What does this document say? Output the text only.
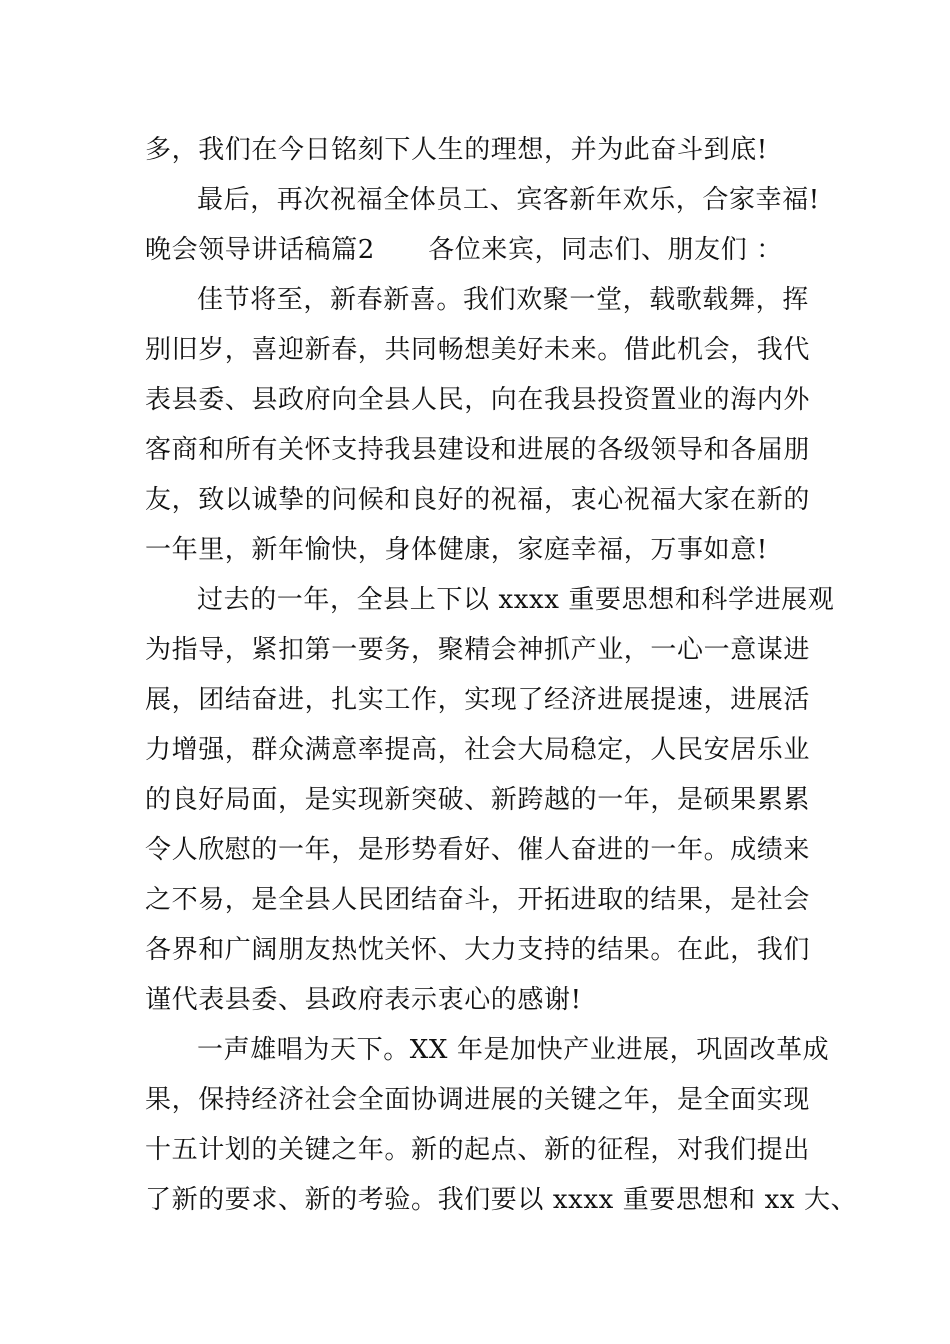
多，我们在今日铭刻下人生的理想，并为此奋斗到底!
最后，再次祝福全体员工、宾客新年欢乐，合家幸福!
晚会领导讲话稿篇2　　各位来宾，同志们、朋友们 ：
佳节将至，新春新喜。我们欢聚一堂，载歌载舞，挥
别旧岁，喜迎新春，共同畅想美好未来。借此机会，我代
表县委、县政府向全县人民，向在我县投资置业的海内外
客商和所有关怀支持我县建设和进展的各级领导和各届朋
友，致以诚挚的问候和良好的祝福，衷心祝福大家在新的
一年里，新年愉快，身体健康，家庭幸福，万事如意!
过去的一年，全县上下以 xxxx 重要思想和科学进展观
为指导，紧扣第一要务，聚精会神抓产业，一心一意谋进
展，团结奋进，扎实工作，实现了经济进展提速，进展活
力增强，群众满意率提高，社会大局稳定，人民安居乐业
的良好局面，是实现新突破、新跨越的一年，是硕果累累
令人欣慰的一年，是形势看好、催人奋进的一年。成绩来
之不易，是全县人民团结奋斗，开拓进取的结果，是社会
各界和广阔朋友热忱关怀、大力支持的结果。在此，我们
谨代表县委、县政府表示衷心的感谢!
一声雄唱为天下。XX 年是加快产业进展，巩固改革成
果，保持经济社会全面协调进展的关键之年，是全面实现
十五计划的关键之年。新的起点、新的征程，对我们提出
了新的要求、新的考验。我们要以 xxxx 重要思想和 xx 大、
